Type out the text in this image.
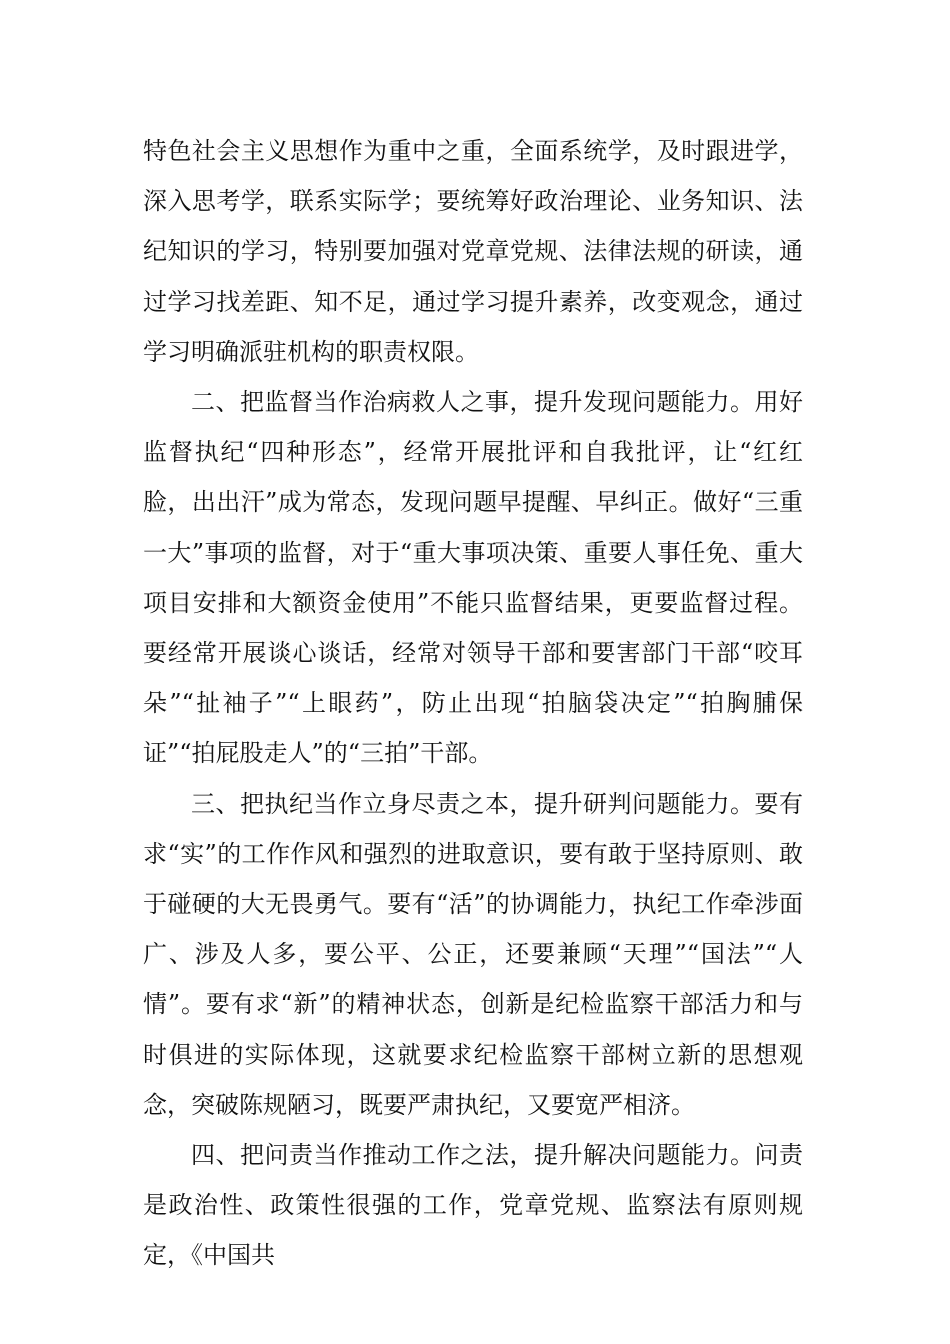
特色社会主义思想作为重中之重，全面系统学，及时跟进学，深入思考学，联系实际学；要统筹好政治理论、业务知识、法纪知识的学习，特别要加强对党章党规、法律法规的研读，通过学习找差距、知不足，通过学习提升素养，改变观念，通过学习明确派驻机构的职责权限。

二、把监督当作治病救人之事，提升发现问题能力。用好监督执纪“四种形态”，经常开展批评和自我批评，让“红红脸，出出汗”成为常态，发现问题早提醒、早纠正。做好“三重一大”事项的监督，对于“重大事项决策、重要人事任免、重大项目安排和大额资金使用”不能只监督结果，更要监督过程。要经常开展谈心谈话，经常对领导干部和要害部门干部“咬耳朵”“扯袖子”“上眼药”，防止出现“拍脑袋决定”“拍胸脯保证”“拍屁股走人”的“三拍”干部。

三、把执纪当作立身尽责之本，提升研判问题能力。要有求“实”的工作作风和强烈的进取意识，要有敢于坚持原则、敢于碰硬的大无畏勇气。要有“活”的协调能力，执纪工作牵涉面广、涉及人多，要公平、公正，还要兼顾“天理”“国法”“人情”。要有求“新”的精神状态，创新是纪检监察干部活力和与时俱进的实际体现，这就要求纪检监察干部树立新的思想观念，突破陈规陋习，既要严肃执纪，又要宽严相济。

四、把问责当作推动工作之法，提升解决问题能力。问责是政治性、政策性很强的工作，党章党规、监察法有原则规定，《中国共
